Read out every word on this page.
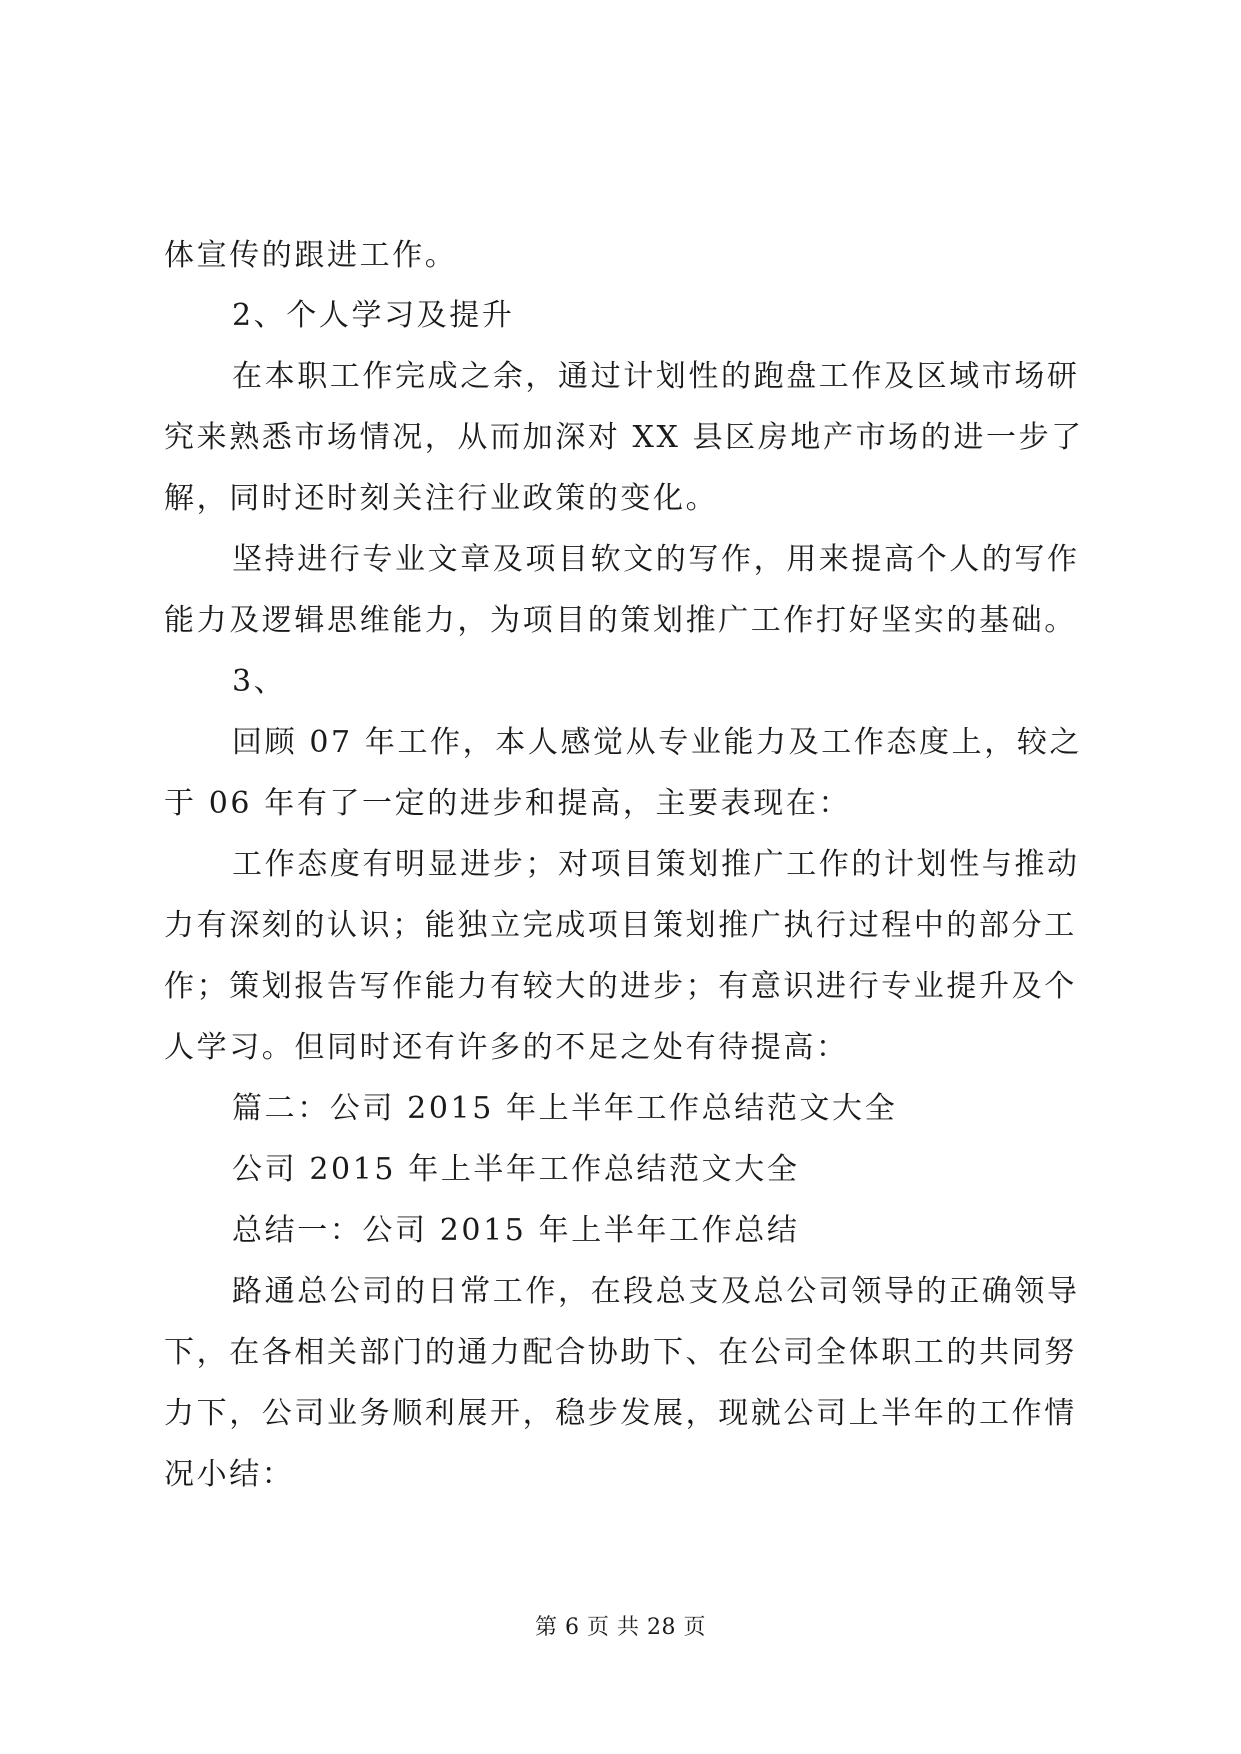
体宣传的跟进工作。
2、个人学习及提升
在本职工作完成之余，通过计划性的跑盘工作及区域市场研
究来熟悉市场情况，从而加深对 XX 县区房地产市场的进一步了
解，同时还时刻关注行业政策的变化。
坚持进行专业文章及项目软文的写作，用来提高个人的写作
能力及逻辑思维能力，为项目的策划推广工作打好坚实的基础。
3、
回顾 07 年工作，本人感觉从专业能力及工作态度上，较之
于 06 年有了一定的进步和提高，主要表现在：
工作态度有明显进步；对项目策划推广工作的计划性与推动
力有深刻的认识；能独立完成项目策划推广执行过程中的部分工
作；策划报告写作能力有较大的进步；有意识进行专业提升及个
人学习。但同时还有许多的不足之处有待提高：
篇二：公司 2015 年上半年工作总结范文大全
公司 2015 年上半年工作总结范文大全
总结一：公司 2015 年上半年工作总结
路通总公司的日常工作，在段总支及总公司领导的正确领导
下，在各相关部门的通力配合协助下、在公司全体职工的共同努
力下，公司业务顺利展开，稳步发展，现就公司上半年的工作情
况小结：
第 6 页 共 28 页
